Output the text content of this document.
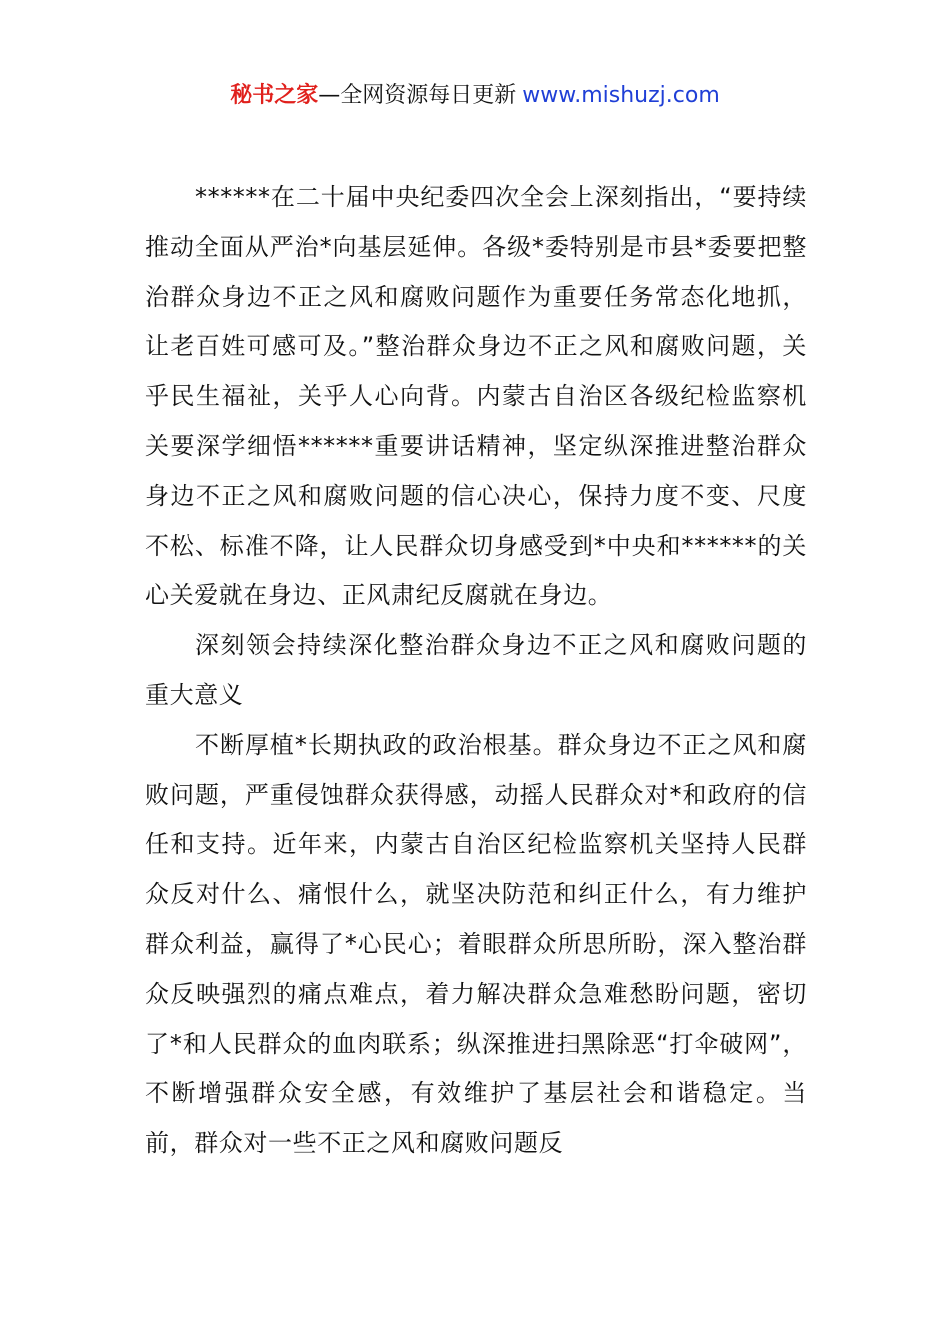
秘书之家—全网资源每日更新 www.mishuzj.com

******在二十届中央纪委四次全会上深刻指出，“要持续推动全面从严治*向基层延伸。各级*委特别是市县*委要把整治群众身边不正之风和腐败问题作为重要任务常态化地抓，让老百姓可感可及。”整治群众身边不正之风和腐败问题，关乎民生福祉，关乎人心向背。内蒙古自治区各级纪检监察机关要深学细悟******重要讲话精神，坚定纵深推进整治群众身边不正之风和腐败问题的信心决心，保持力度不变、尺度不松、标准不降，让人民群众切身感受到*中央和******的关心关爱就在身边、正风肃纪反腐就在身边。

深刻领会持续深化整治群众身边不正之风和腐败问题的重大意义

不断厚植*长期执政的政治根基。群众身边不正之风和腐败问题，严重侵蚀群众获得感，动摇人民群众对*和政府的信任和支持。近年来，内蒙古自治区纪检监察机关坚持人民群众反对什么、痛恨什么，就坚决防范和纠正什么，有力维护群众利益，赢得了*心民心；着眼群众所思所盼，深入整治群众反映强烈的痛点难点，着力解决群众急难愁盼问题，密切了*和人民群众的血肉联系；纵深推进扫黑除恶“打伞破网”，不断增强群众安全感，有效维护了基层社会和谐稳定。当前，群众对一些不正之风和腐败问题反
